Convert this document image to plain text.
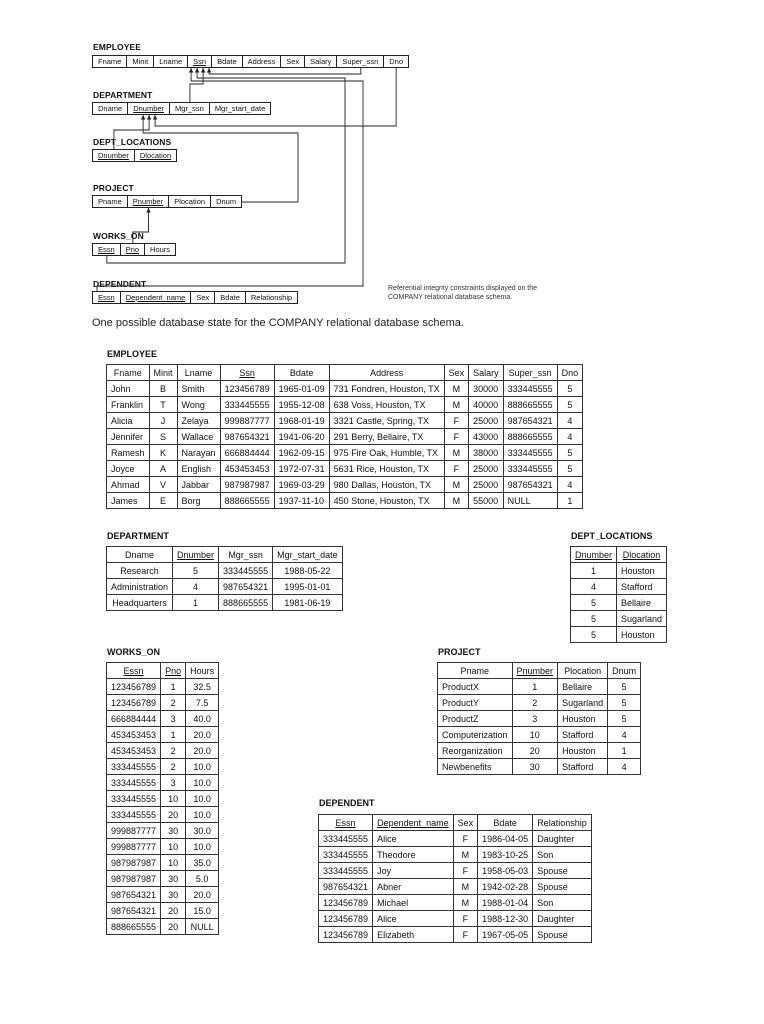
EMPLOYEE
Fname	Minit	Lname	Ssn	Bdate	Address	Sex	Salary	Super_ssn	Dno
DEPARTMENT
Dname	Dnumber	Mgr_ssn	Mgr_start_date
DEPT_LOCATIONS
Dnumber	Dlocation
PROJECT
Pname	Pnumber	Plocation	Dnum
WORKS_ON
Essn	Pno	Hours
DEPENDENT
Essn	Dependent_name	Sex	Bdate	Relationship
Referential integrity constraints displayed on the COMPANY relational database schema.
One possible database state for the COMPANY relational database schema.
EMPLOYEE
Fname	Minit	Lname	Ssn	Bdate	Address	Sex	Salary	Super_ssn	Dno
John	B	Smith	123456789	1965-01-09	731 Fondren, Houston, TX	M	30000	333445555	5
Franklin	T	Wong	333445555	1955-12-08	638 Voss, Houston, TX	M	40000	888665555	5
Alicia	J	Zelaya	999887777	1968-01-19	3321 Castle, Spring, TX	F	25000	987654321	4
Jennifer	S	Wallace	987654321	1941-06-20	291 Berry, Bellaire, TX	F	43000	888665555	4
Ramesh	K	Narayan	666884444	1962-09-15	975 Fire Oak, Humble, TX	M	38000	333445555	5
Joyce	A	English	453453453	1972-07-31	5631 Rice, Houston, TX	F	25000	333445555	5
Ahmad	V	Jabbar	987987987	1969-03-29	980 Dallas, Houston, TX	M	25000	987654321	4
James	E	Borg	888665555	1937-11-10	450 Stone, Houston, TX	M	55000	NULL	1
DEPARTMENT
Dname	Dnumber	Mgr_ssn	Mgr_start_date
Research	5	333445555	1988-05-22
Administration	4	987654321	1995-01-01
Headquarters	1	888665555	1981-06-19
DEPT_LOCATIONS
Dnumber	Dlocation
1	Houston
4	Stafford
5	Bellaire
5	Sugarland
5	Houston
WORKS_ON
Essn	Pno	Hours
123456789	1	32.5
123456789	2	7.5
666884444	3	40.0
453453453	1	20.0
453453453	2	20.0
333445555	2	10.0
333445555	3	10.0
333445555	10	10.0
333445555	20	10.0
999887777	30	30.0
999887777	10	10.0
987987987	10	35.0
987987987	30	5.0
987654321	30	20.0
987654321	20	15.0
888665555	20	NULL
PROJECT
Pname	Pnumber	Plocation	Dnum
ProductX	1	Bellaire	5
ProductY	2	Sugarland	5
ProductZ	3	Houston	5
Computerization	10	Stafford	4
Reorganization	20	Houston	1
Newbenefits	30	Stafford	4
DEPENDENT
Essn	Dependent_name	Sex	Bdate	Relationship
333445555	Alice	F	1986-04-05	Daughter
333445555	Theodore	M	1983-10-25	Son
333445555	Joy	F	1958-05-03	Spouse
987654321	Abner	M	1942-02-28	Spouse
123456789	Michael	M	1988-01-04	Son
123456789	Alice	F	1988-12-30	Daughter
123456789	Elizabeth	F	1967-05-05	Spouse
